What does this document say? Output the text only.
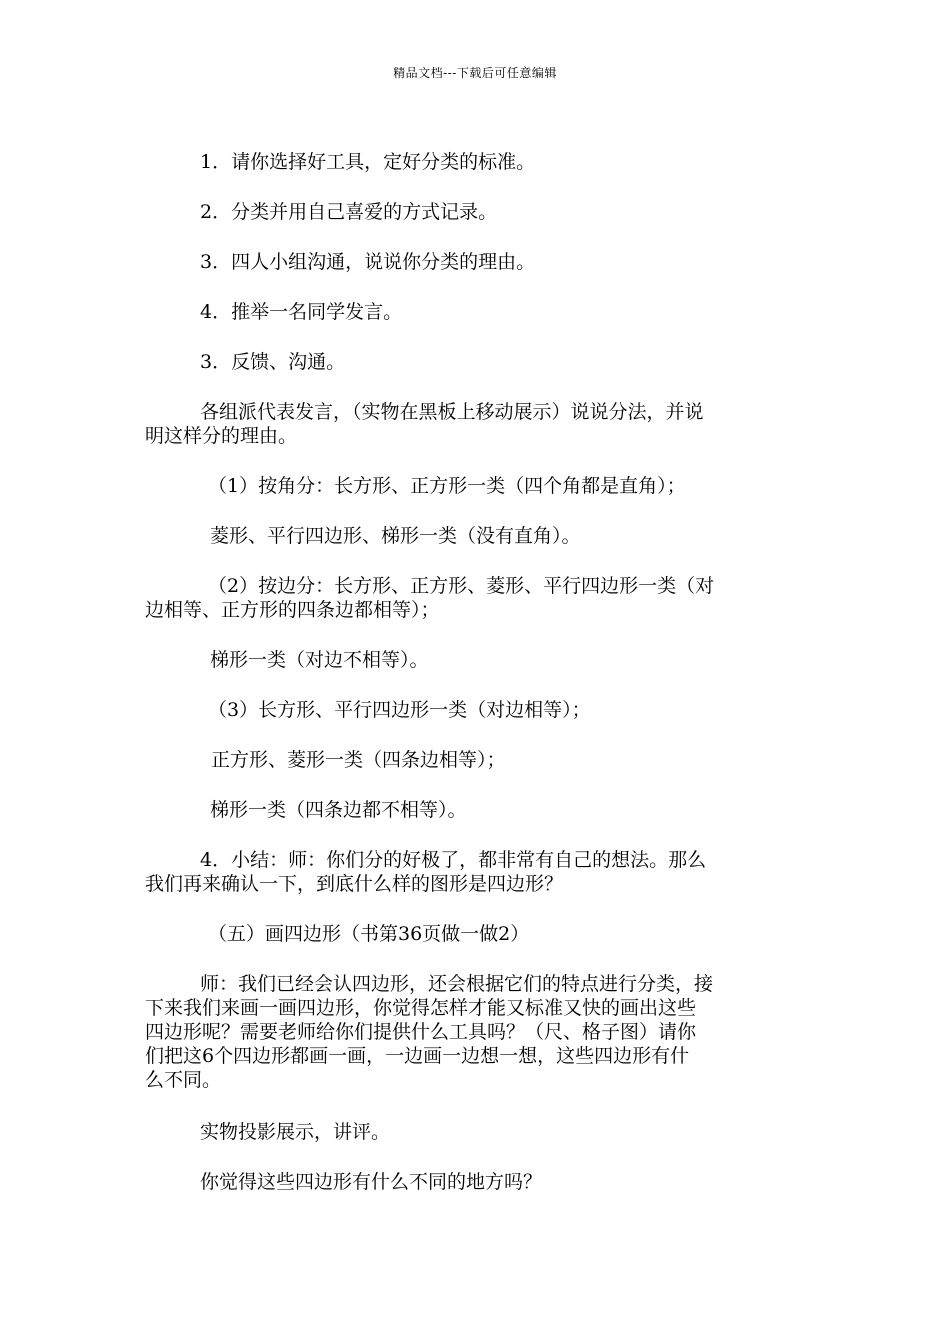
精品文档---下载后可任意编辑
1．请你选择好工具，定好分类的标准。
2．分类并用自己喜爱的方式记录。
3．四人小组沟通，说说你分类的理由。
4．推举一名同学发言。
3．反馈、沟通。
各组派代表发言，（实物在黑板上移动展示）说说分法，并说
明这样分的理由。
（1）按角分：长方形、正方形一类（四个角都是直角）；
菱形、平行四边形、梯形一类（没有直角）。
（2）按边分：长方形、正方形、菱形、平行四边形一类（对
边相等、正方形的四条边都相等）；
梯形一类（对边不相等）。
（3）长方形、平行四边形一类（对边相等）；
正方形、菱形一类（四条边相等）；
梯形一类（四条边都不相等）。
4．小结：师：你们分的好极了，都非常有自己的想法。那么
我们再来确认一下，到底什么样的图形是四边形？
（五）画四边形（书第36页做一做2）
师：我们已经会认四边形，还会根据它们的特点进行分类，接
下来我们来画一画四边形，你觉得怎样才能又标准又快的画出这些
四边形呢？需要老师给你们提供什么工具吗？（尺、格子图）请你
们把这6个四边形都画一画，一边画一边想一想，这些四边形有什
么不同。
实物投影展示，讲评。
你觉得这些四边形有什么不同的地方吗？
